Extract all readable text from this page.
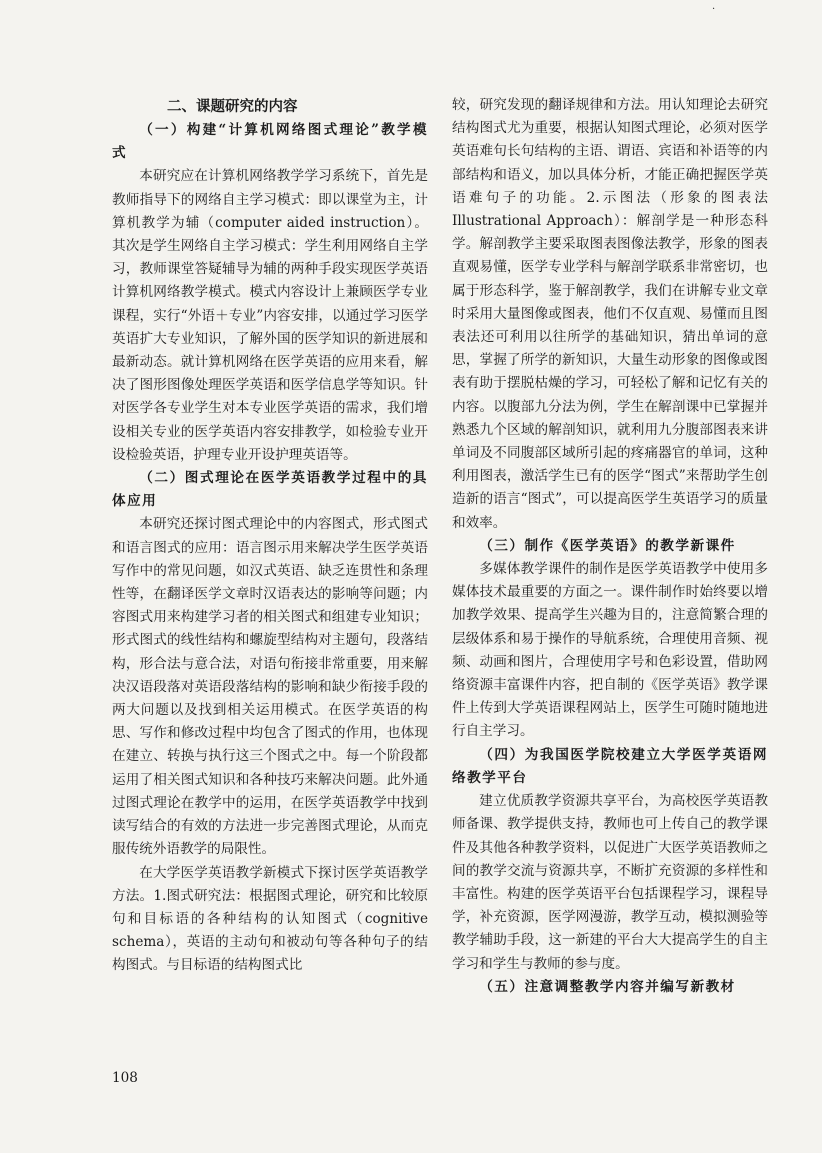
·

二、课题研究的内容

（一）构建“计算机网络图式理论”教学模式

本研究应在计算机网络教学学习系统下，首先是教师指导下的网络自主学习模式：即以课堂为主，计算机教学为辅（computer aided instruction）。其次是学生网络自主学习模式：学生利用网络自主学习，教师课堂答疑辅导为辅的两种手段实现医学英语计算机网络教学模式。模式内容设计上兼顾医学专业课程，实行“外语＋专业”内容安排，以通过学习医学英语扩大专业知识，了解外国的医学知识的新进展和最新动态。就计算机网络在医学英语的应用来看，解决了图形图像处理医学英语和医学信息学等知识。针对医学各专业学生对本专业医学英语的需求，我们增设相关专业的医学英语内容安排教学，如检验专业开设检验英语，护理专业开设护理英语等。

（二）图式理论在医学英语教学过程中的具体应用

本研究还探讨图式理论中的内容图式，形式图式和语言图式的应用：语言图示用来解决学生医学英语写作中的常见问题，如汉式英语、缺乏连贯性和条理性等，在翻译医学文章时汉语表达的影响等问题；内容图式用来构建学习者的相关图式和组建专业知识；形式图式的线性结构和螺旋型结构对主题句，段落结构，形合法与意合法，对语句衔接非常重要，用来解决汉语段落对英语段落结构的影响和缺少衔接手段的两大问题以及找到相关运用模式。在医学英语的构思、写作和修改过程中均包含了图式的作用，也体现在建立、转换与执行这三个图式之中。每一个阶段都运用了相关图式知识和各种技巧来解决问题。此外通过图式理论在教学中的运用，在医学英语教学中找到读写结合的有效的方法进一步完善图式理论，从而克服传统外语教学的局限性。

在大学医学英语教学新模式下探讨医学英语教学方法。1.图式研究法：根据图式理论，研究和比较原句和目标语的各种结构的认知图式（cognitive schema），英语的主动句和被动句等各种句子的结构图式。与目标语的结构图式比

较，研究发现的翻译规律和方法。用认知理论去研究结构图式尤为重要，根据认知图式理论，必须对医学英语难句长句结构的主语、谓语、宾语和补语等的内部结构和语义，加以具体分析，才能正确把握医学英语难句子的功能。2.示图法（形象的图表法 Illustrational Approach）：解剖学是一种形态科学。解剖教学主要采取图表图像法教学，形象的图表直观易懂，医学专业学科与解剖学联系非常密切，也属于形态科学，鉴于解剖教学，我们在讲解专业文章时采用大量图像或图表，他们不仅直观、易懂而且图表法还可利用以往所学的基础知识，猜出单词的意思，掌握了所学的新知识，大量生动形象的图像或图表有助于摆脱枯燥的学习，可轻松了解和记忆有关的内容。以腹部九分法为例，学生在解剖课中已掌握并熟悉九个区域的解剖知识，就利用九分腹部图表来讲单词及不同腹部区域所引起的疼痛器官的单词，这种利用图表，激活学生已有的医学“图式”来帮助学生创造新的语言“图式”，可以提高医学生英语学习的质量和效率。

（三）制作《医学英语》的教学新课件

多媒体教学课件的制作是医学英语教学中使用多媒体技术最重要的方面之一。课件制作时始终要以增加教学效果、提高学生兴趣为目的，注意简繁合理的层级体系和易于操作的导航系统，合理使用音频、视频、动画和图片，合理使用字号和色彩设置，借助网络资源丰富课件内容，把自制的《医学英语》教学课件上传到大学英语课程网站上，医学生可随时随地进行自主学习。

（四）为我国医学院校建立大学医学英语网络教学平台

建立优质教学资源共享平台，为高校医学英语教师备课、教学提供支持，教师也可上传自己的教学课件及其他各种教学资料，以促进广大医学英语教师之间的教学交流与资源共享，不断扩充资源的多样性和丰富性。构建的医学英语平台包括课程学习，课程导学，补充资源，医学网漫游，教学互动，模拟测验等教学辅助手段，这一新建的平台大大提高学生的自主学习和学生与教师的参与度。

（五）注意调整教学内容并编写新教材

108
